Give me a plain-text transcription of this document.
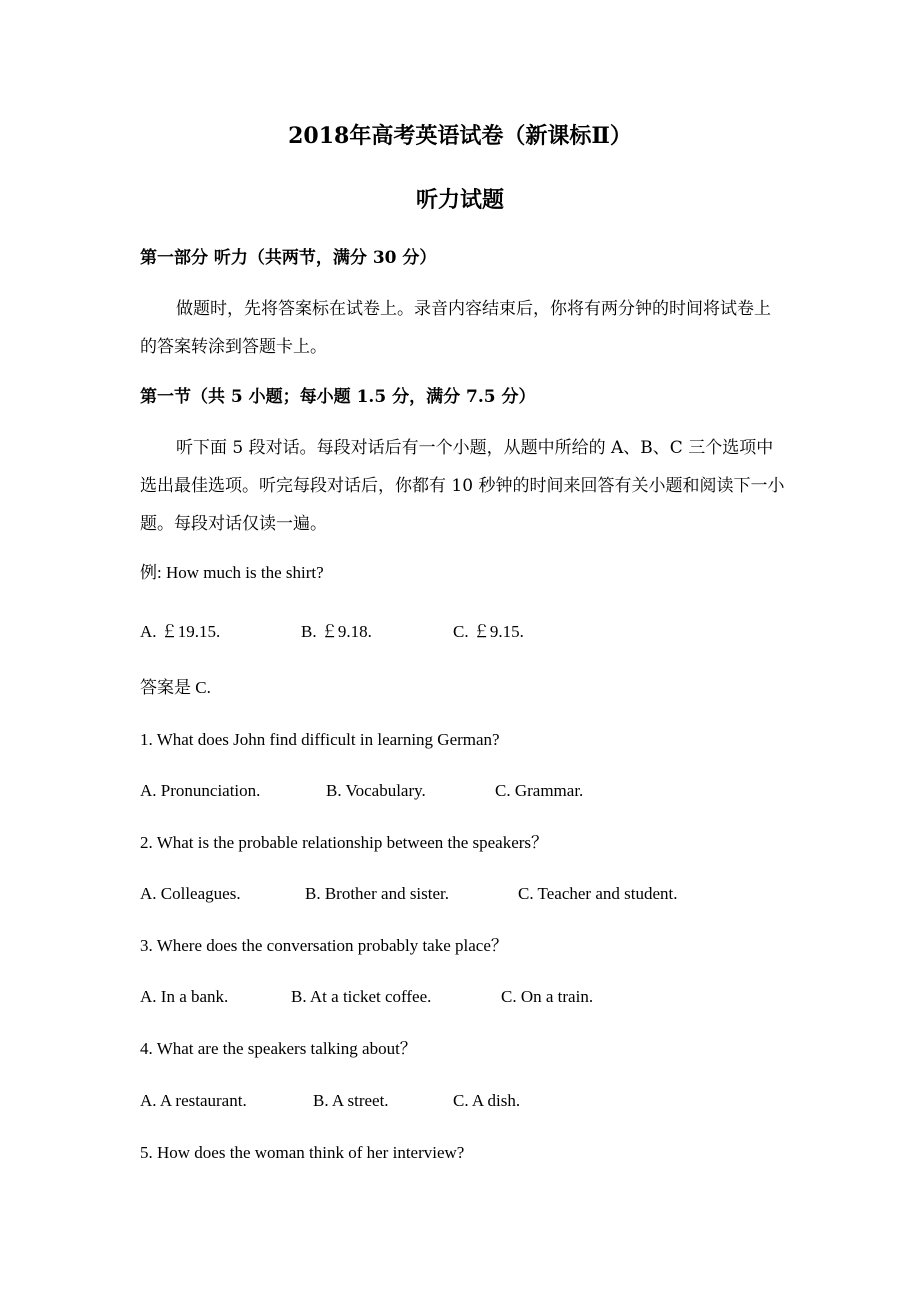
2018年高考英语试卷（新课标Ⅱ）
听力试题
第一部分 听力（共两节，满分 30 分）
做题时，先将答案标在试卷上。录音内容结束后，你将有两分钟的时间将试卷上的答案转涂到答题卡上。
第一节（共 5 小题；每小题 1.5 分，满分 7.5 分）
听下面 5 段对话。每段对话后有一个小题，从题中所给的 A、B、C 三个选项中选出最佳选项。听完每段对话后，你都有 10 秒钟的时间来回答有关小题和阅读下一小题。每段对话仅读一遍。
例: How much is the shirt?
A. ￡19.15.	B. ￡9.18.	C. ￡9.15.
答案是 C.
1. What does John find difficult in learning German?
A. Pronunciation.	B. Vocabulary.	C. Grammar.
2. What is the probable relationship between the speakers？
A. Colleagues.	B. Brother and sister.	C. Teacher and student.
3. Where does the conversation probably take place？
A. In a bank.	B. At a ticket coffee.	C. On a train.
4. What are the speakers talking about？
A. A restaurant.	B. A street.	C. A dish.
5. How does the woman think of her interview?
